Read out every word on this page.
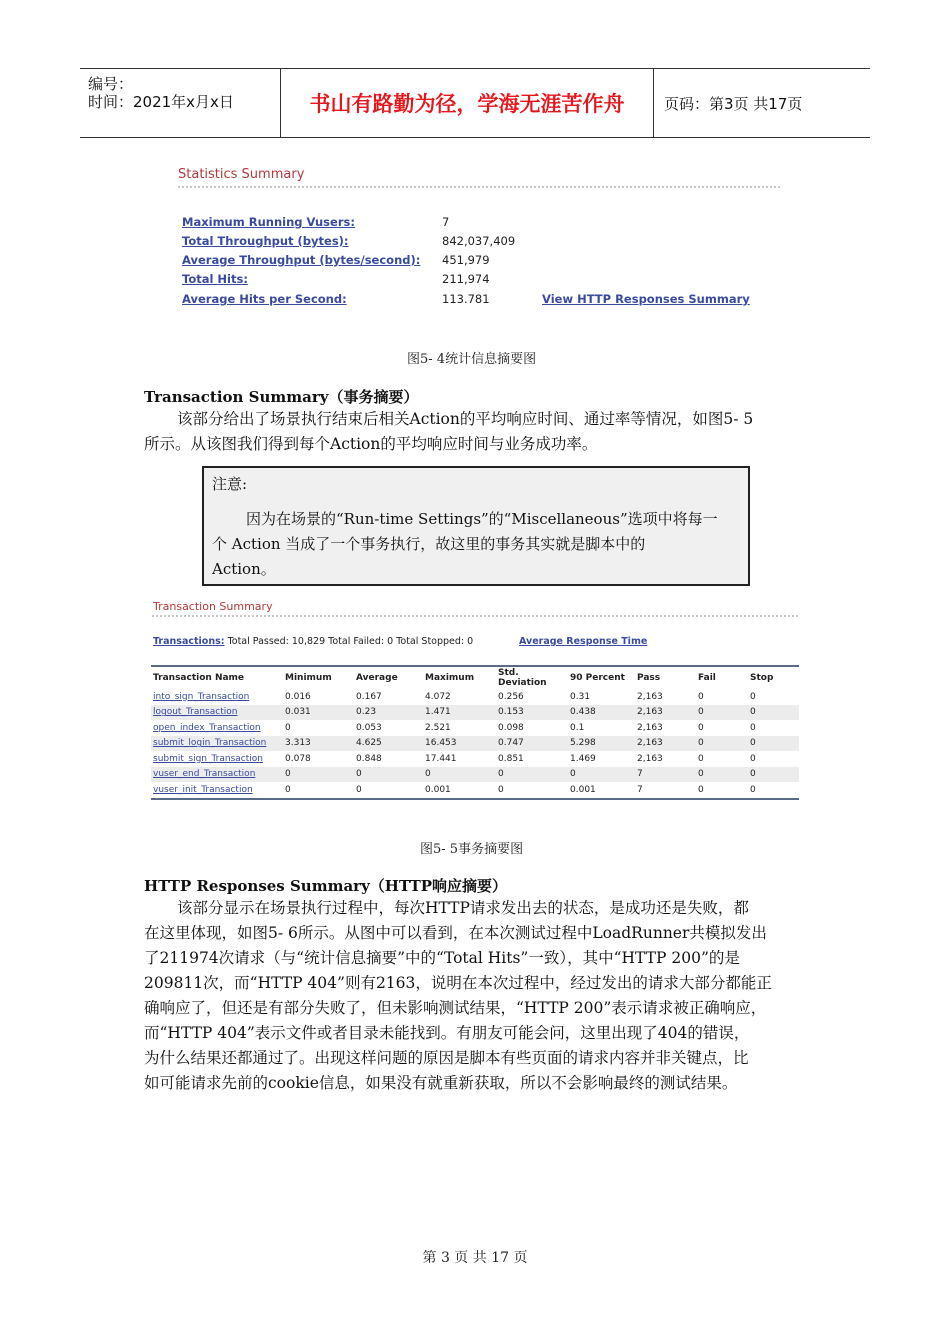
编号：
时间：2021年x月x日	书山有路勤为径，学海无涯苦作舟	页码：第3页 共17页
Statistics Summary
Maximum Running Vusers:	7
Total Throughput (bytes):	842,037,409
Average Throughput (bytes/second): 451,979
Total Hits:	211,974
Average Hits per Second:	113.781	View HTTP Responses Summary
图5- 4统计信息摘要图
Transaction Summary（事务摘要）
该部分给出了场景执行结束后相关Action的平均响应时间、通过率等情况，如图5- 5
所示。从该图我们得到每个Action的平均响应时间与业务成功率。
注意:
因为在场景的“Run-time Settings”的“Miscellaneous”选项中将每一
个 Action 当成了一个事务执行，故这里的事务其实就是脚本中的
Action。
Transaction Summary
Transactions: Total Passed: 10,829 Total Failed: 0 Total Stopped: 0	Average Response Time
Transaction Name	Minimum	Average	Maximum	Std. Deviation	90 Percent	Pass	Fail	Stop
into_sign_Transaction	0.016	0.167	4.072	0.256	0.31	2,163	0	0
logout_Transaction	0.031	0.23	1.471	0.153	0.438	2,163	0	0
open_index_Transaction	0	0.053	2.521	0.098	0.1	2,163	0	0
submit_login_Transaction	3.313	4.625	16.453	0.747	5.298	2,163	0	0
submit_sign_Transaction	0.078	0.848	17.441	0.851	1.469	2,163	0	0
vuser_end_Transaction	0	0	0	0	0	7	0	0
vuser_init_Transaction	0	0	0.001	0	0.001	7	0	0
图5- 5事务摘要图
HTTP Responses Summary（HTTP响应摘要）
该部分显示在场景执行过程中，每次HTTP请求发出去的状态，是成功还是失败，都
在这里体现，如图5- 6所示。从图中可以看到，在本次测试过程中LoadRunner共模拟发出
了211974次请求（与“统计信息摘要”中的“Total Hits”一致），其中“HTTP 200”的是
209811次，而“HTTP 404”则有2163，说明在本次过程中，经过发出的请求大部分都能正
确响应了，但还是有部分失败了，但未影响测试结果，“HTTP 200”表示请求被正确响应，
而“HTTP 404”表示文件或者目录未能找到。有朋友可能会问，这里出现了404的错误，
为什么结果还都通过了。出现这样问题的原因是脚本有些页面的请求内容并非关键点，比
如可能请求先前的cookie信息，如果没有就重新获取，所以不会影响最终的测试结果。
第 3 页 共 17 页
